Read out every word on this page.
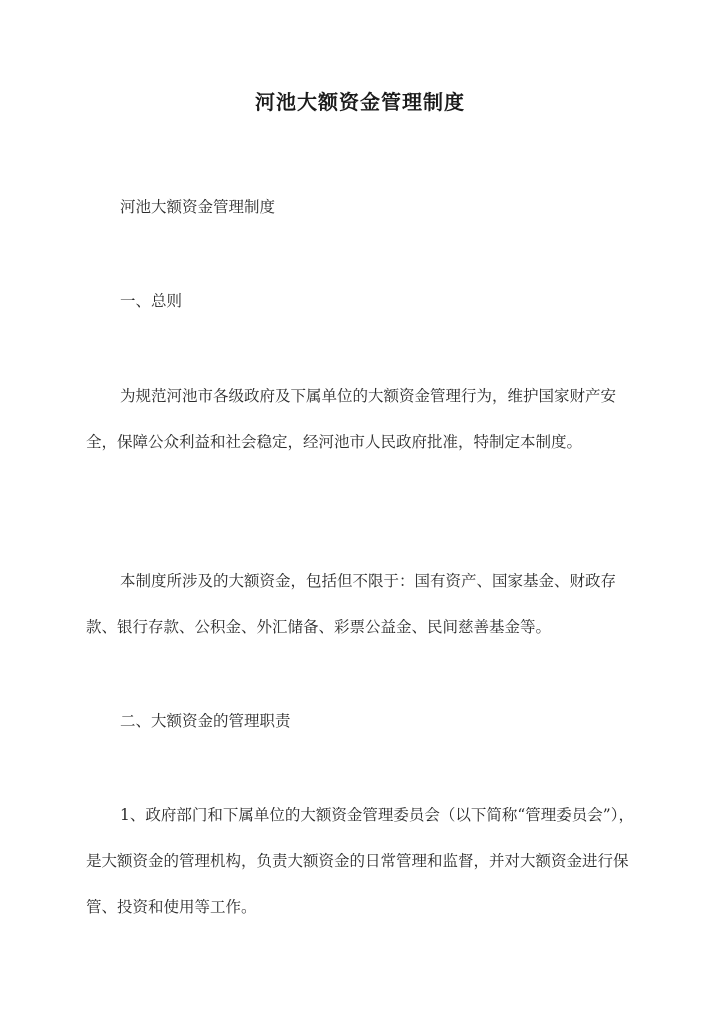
河池大额资金管理制度
河池大额资金管理制度
一、总则
为规范河池市各级政府及下属单位的大额资金管理行为，维护国家财产安全，保障公众利益和社会稳定，经河池市人民政府批准，特制定本制度。
本制度所涉及的大额资金，包括但不限于：国有资产、国家基金、财政存款、银行存款、公积金、外汇储备、彩票公益金、民间慈善基金等。
二、大额资金的管理职责
1、政府部门和下属单位的大额资金管理委员会（以下简称“管理委员会”），是大额资金的管理机构，负责大额资金的日常管理和监督，并对大额资金进行保管、投资和使用等工作。
